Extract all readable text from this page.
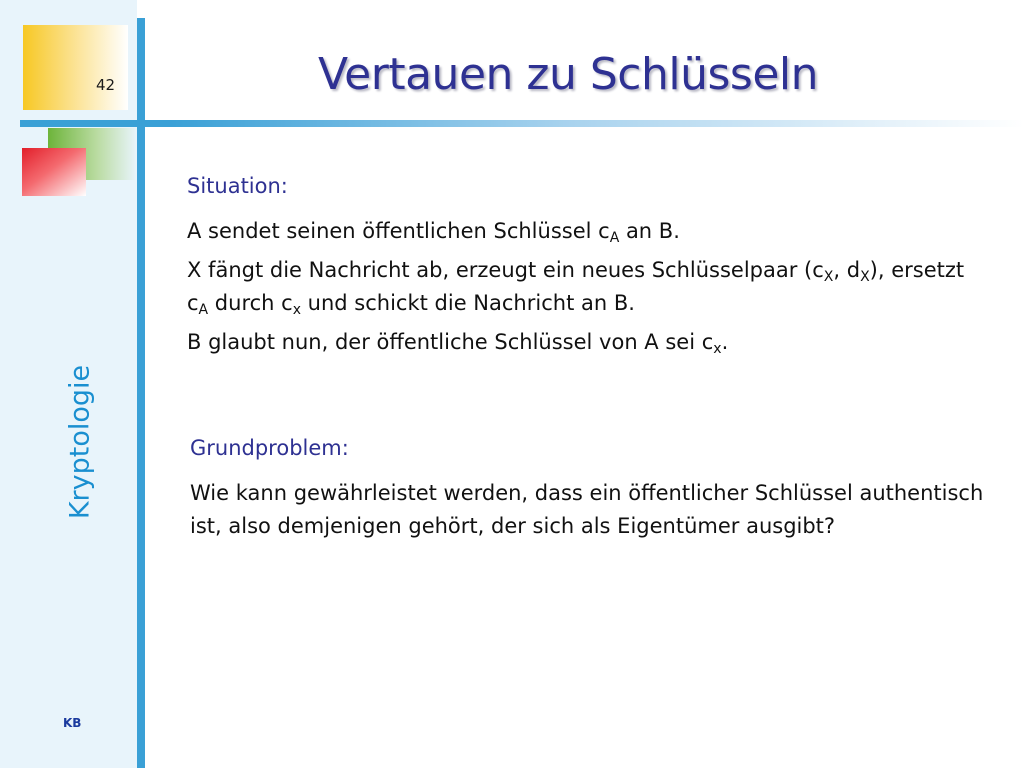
42
Kryptologie
KB
Vertauen zu Schlüsseln
Situation:
A sendet seinen öffentlichen Schlüssel $c_A$ an B.
X fängt die Nachricht ab, erzeugt ein neues Schlüsselpaar ($c_X$, $d_X$), ersetzt $c_A$ durch $c_x$ und schickt die Nachricht an B.
B glaubt nun, der öffentliche Schlüssel von A sei $c_x$.
Grundproblem:
Wie kann gewährleistet werden, dass ein öffentlicher Schlüssel authentisch ist, also demjenigen gehört, der sich als Eigentümer ausgibt?
